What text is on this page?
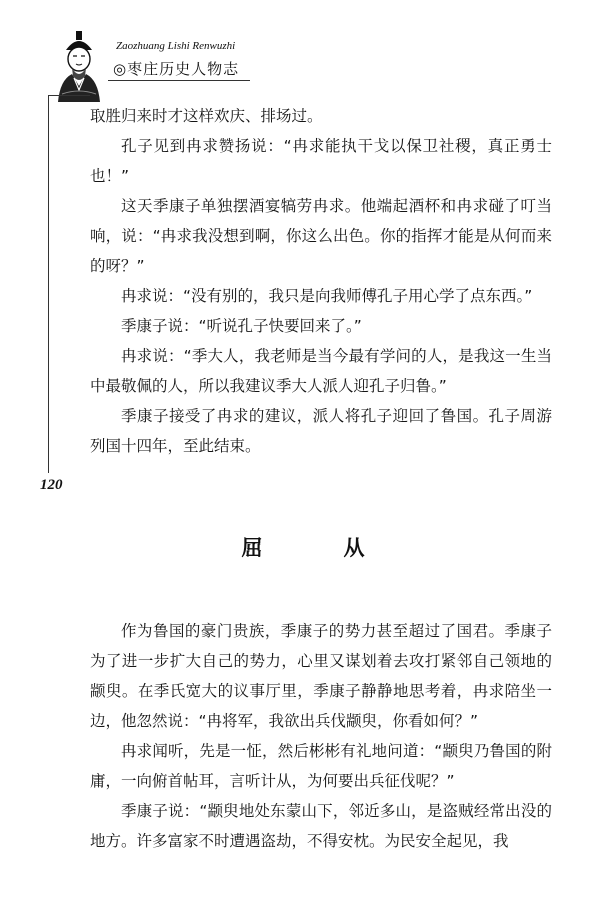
Zaozhuang Lishi Renwuzhi
◎枣庄历史人物志

取胜归来时才这样欢庆、排场过。

孔子见到冉求赞扬说：“冉求能执干戈以保卫社稷，真正勇士也！”

这天季康子单独摆酒宴犒劳冉求。他端起酒杯和冉求碰了叮当响，说：“冉求我没想到啊，你这么出色。你的指挥才能是从何而来的呀？”

冉求说：“没有别的，我只是向我师傅孔子用心学了点东西。”

季康子说：“听说孔子快要回来了。”

冉求说：“季大人，我老师是当今最有学问的人，是我这一生当中最敬佩的人，所以我建议季大人派人迎孔子归鲁。”

季康子接受了冉求的建议，派人将孔子迎回了鲁国。孔子周游列国十四年，至此结束。

120
屈　从

作为鲁国的豪门贵族，季康子的势力甚至超过了国君。季康子为了进一步扩大自己的势力，心里又谋划着去攻打紧邻自己领地的颛臾。在季氏宽大的议事厅里，季康子静静地思考着，冉求陪坐一边，他忽然说：“冉将军，我欲出兵伐颛臾，你看如何？”

冉求闻听，先是一怔，然后彬彬有礼地问道：“颛臾乃鲁国的附庸，一向俯首帖耳，言听计从，为何要出兵征伐呢？”

季康子说：“颛臾地处东蒙山下，邻近多山，是盗贼经常出没的地方。许多富家不时遭遇盗劫，不得安枕。为民安全起见，我
